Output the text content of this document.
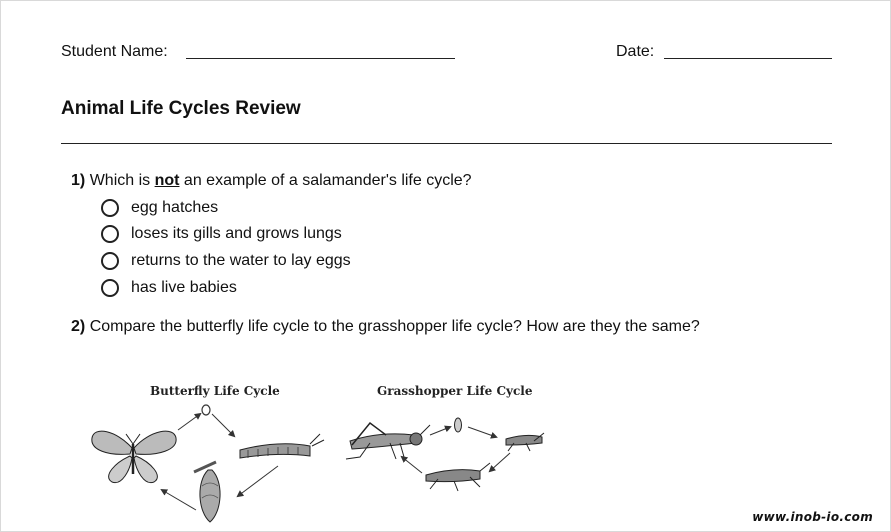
Student Name:	Date:
Animal Life Cycles Review
1) Which is not an example of a salamander's life cycle?
egg hatches
loses its gills and grows lungs
returns to the water to lay eggs
has live babies
2) Compare the butterfly life cycle to the grasshopper life cycle? How are they the same?
Butterfly Life Cycle	Grasshopper Life Cycle
www.inob-io.com
